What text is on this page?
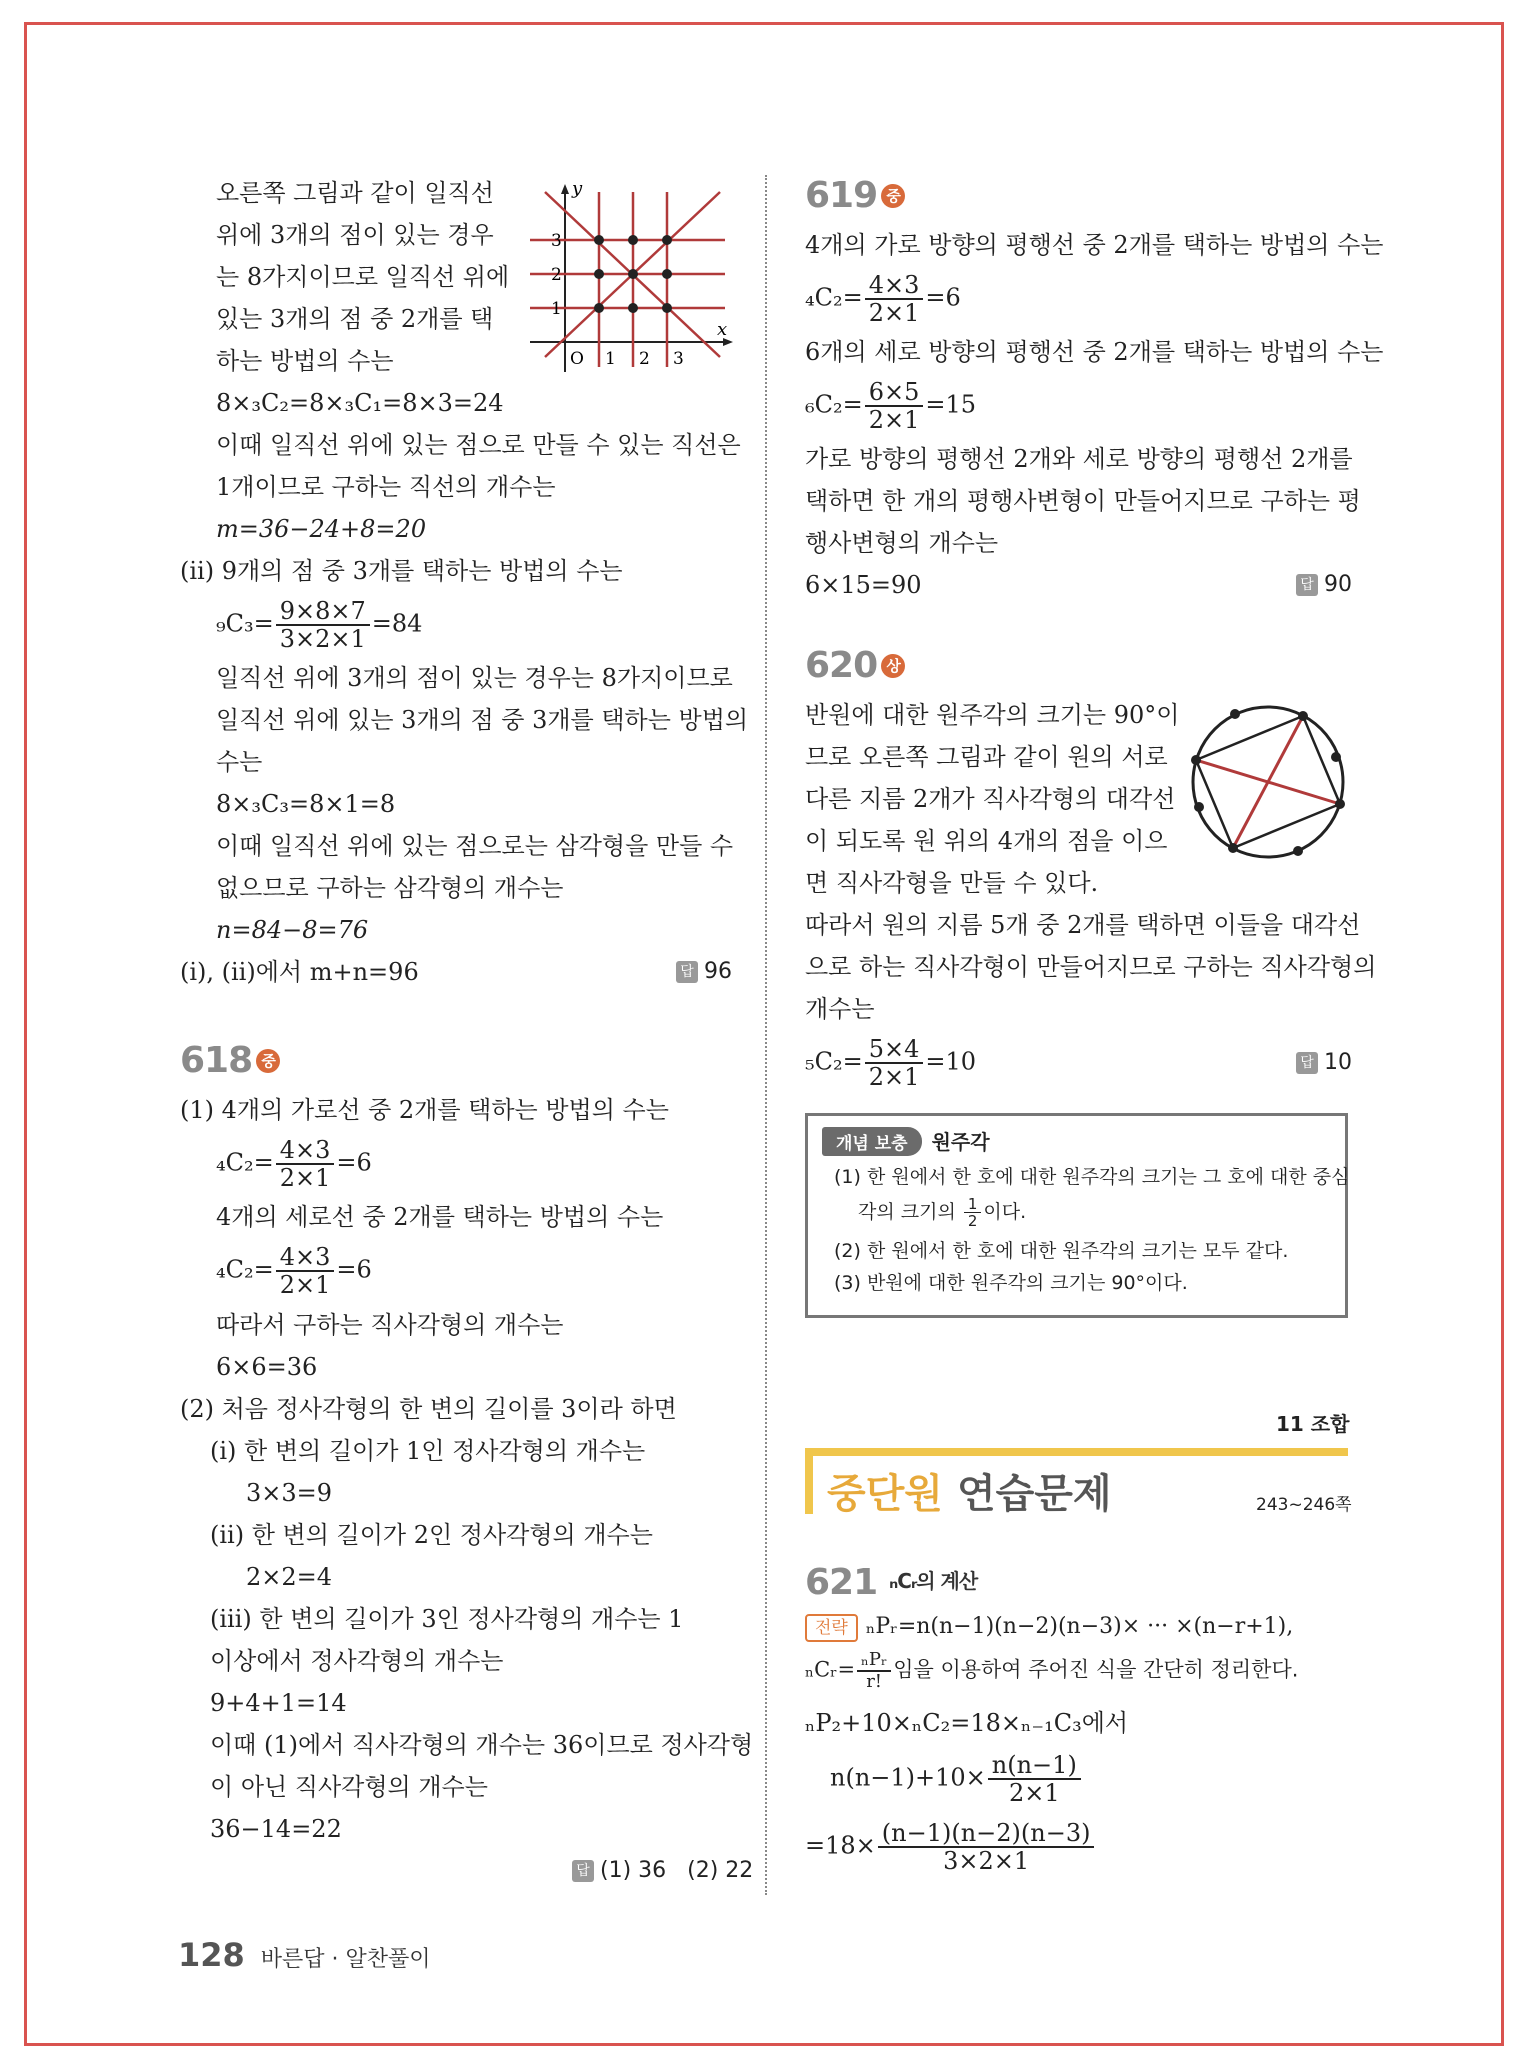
오른쪽 그림과 같이 일직선
위에 3개의 점이 있는 경우
는 8가지이므로 일직선 위에
있는 3개의 점 중 2개를 택
하는 방법의 수는
y
x
3
2
1
O 1 2 3
8×₃C₂=8×₃C₁=8×3=24
이때 일직선 위에 있는 점으로 만들 수 있는 직선은
1개이므로 구하는 직선의 개수는
m=36−24+8=20
(ⅱ) 9개의 점 중 3개를 택하는 방법의 수는
$_9C_3= \frac{9\times 8\times 7}{3\times 2\times 1} =84$
일직선 위에 3개의 점이 있는 경우는 8가지이므로
일직선 위에 있는 3개의 점 중 3개를 택하는 방법의
수는
8×₃C₃=8×1=8
이때 일직선 위에 있는 점으로는 삼각형을 만들 수
없으므로 구하는 삼각형의 개수는
n=84−8=76
(ⅰ), (ⅱ)에서 m+n=96	답 96
618 중
(1) 4개의 가로선 중 2개를 택하는 방법의 수는
$_4C_2= \frac{4\times 3}{2\times 1} =6$
4개의 세로선 중 2개를 택하는 방법의 수는
$_4C_2= \frac{4\times 3}{2\times 1} =6$
따라서 구하는 직사각형의 개수는
6×6=36
(2) 처음 정사각형의 한 변의 길이를 3이라 하면
(ⅰ) 한 변의 길이가 1인 정사각형의 개수는
3×3=9
(ⅱ) 한 변의 길이가 2인 정사각형의 개수는
2×2=4
(ⅲ) 한 변의 길이가 3인 정사각형의 개수는 1
이상에서 정사각형의 개수는
9+4+1=14
이때 (1)에서 직사각형의 개수는 36이므로 정사각형
이 아닌 직사각형의 개수는
36−14=22
답 (1) 36   (2) 22
619 중
4개의 가로 방향의 평행선 중 2개를 택하는 방법의 수는
$_4C_2= \frac{4\times 3}{2\times 1} =6$
6개의 세로 방향의 평행선 중 2개를 택하는 방법의 수는
$_6C_2= \frac{6\times 5}{2\times 1} =15$
가로 방향의 평행선 2개와 세로 방향의 평행선 2개를
택하면 한 개의 평행사변형이 만들어지므로 구하는 평
행사변형의 개수는
6×15=90	답 90
620 상
반원에 대한 원주각의 크기는 90°이
므로 오른쪽 그림과 같이 원의 서로
다른 지름 2개가 직사각형의 대각선
이 되도록 원 위의 4개의 점을 이으
면 직사각형을 만들 수 있다.
따라서 원의 지름 5개 중 2개를 택하면 이들을 대각선
으로 하는 직사각형이 만들어지므로 구하는 직사각형의
개수는
$_5C_2= \frac{5\times 4}{2\times 1} =10$	답 10
개념 보충 원주각
(1) 한 원에서 한 호에 대한 원주각의 크기는 그 호에 대한 중심
각의 크기의 $\frac{1}{2}$ 이다.
(2) 한 원에서 한 호에 대한 원주각의 크기는 모두 같다.
(3) 반원에 대한 원주각의 크기는 90°이다.
11 조합
중단원 연습문제	243~246쪽
621 ₙCᵣ의 계산
전략 ₙPᵣ=n(n−1)(n−2)(n−3)× ··· ×(n−r+1),
ₙCᵣ= $\frac{\text{ₙPᵣ}}{r!}$ 임을 이용하여 주어진 식을 간단히 정리한다.
ₙP₂+10×ₙC₂=18×ₙ₋₁C₃에서
$n(n-1)+10\times \frac{n(n-1)}{2\times 1}$
$=18\times \frac{(n-1)(n-2)(n-3)}{3\times 2\times 1}$
128 바른답 · 알찬풀이
